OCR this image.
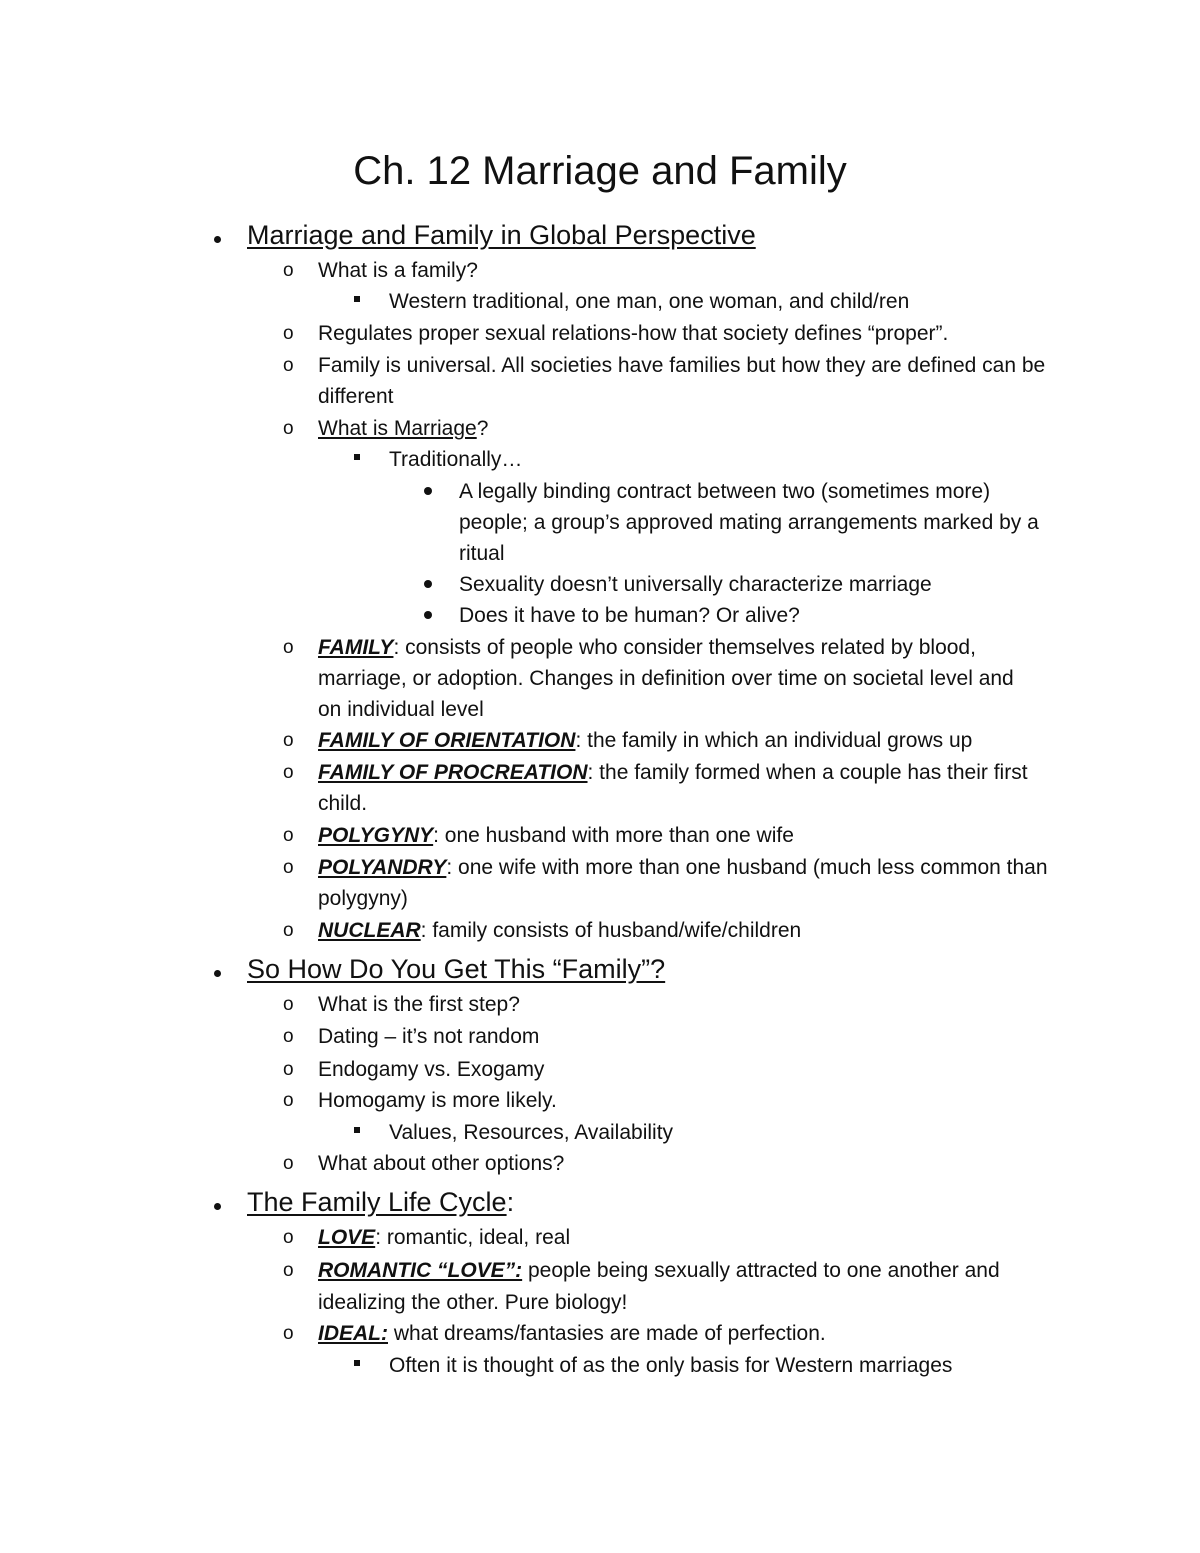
Ch. 12 Marriage and Family
Marriage and Family in Global Perspective
o What is a family?
Western traditional, one man, one woman, and child/ren
o Regulates proper sexual relations-how that society defines “proper”.
o Family is universal. All societies have families but how they are defined can be
different
o What is Marriage?
Traditionally…
A legally binding contract between two (sometimes more)
people; a group’s approved mating arrangements marked by a
ritual
Sexuality doesn’t universally characterize marriage
Does it have to be human? Or alive?
o FAMILY: consists of people who consider themselves related by blood,
marriage, or adoption. Changes in definition over time on societal level and
on individual level
o FAMILY OF ORIENTATION: the family in which an individual grows up
o FAMILY OF PROCREATION: the family formed when a couple has their first
child.
o POLYGYNY: one husband with more than one wife
o POLYANDRY: one wife with more than one husband (much less common than
polygyny)
o NUCLEAR: family consists of husband/wife/children
So How Do You Get This “Family”?
o What is the first step?
o Dating – it’s not random
o Endogamy vs. Exogamy
o Homogamy is more likely.
Values, Resources, Availability
o What about other options?
The Family Life Cycle:
o LOVE: romantic, ideal, real
o ROMANTIC “LOVE”: people being sexually attracted to one another and
idealizing the other. Pure biology!
o IDEAL: what dreams/fantasies are made of perfection.
Often it is thought of as the only basis for Western marriages
